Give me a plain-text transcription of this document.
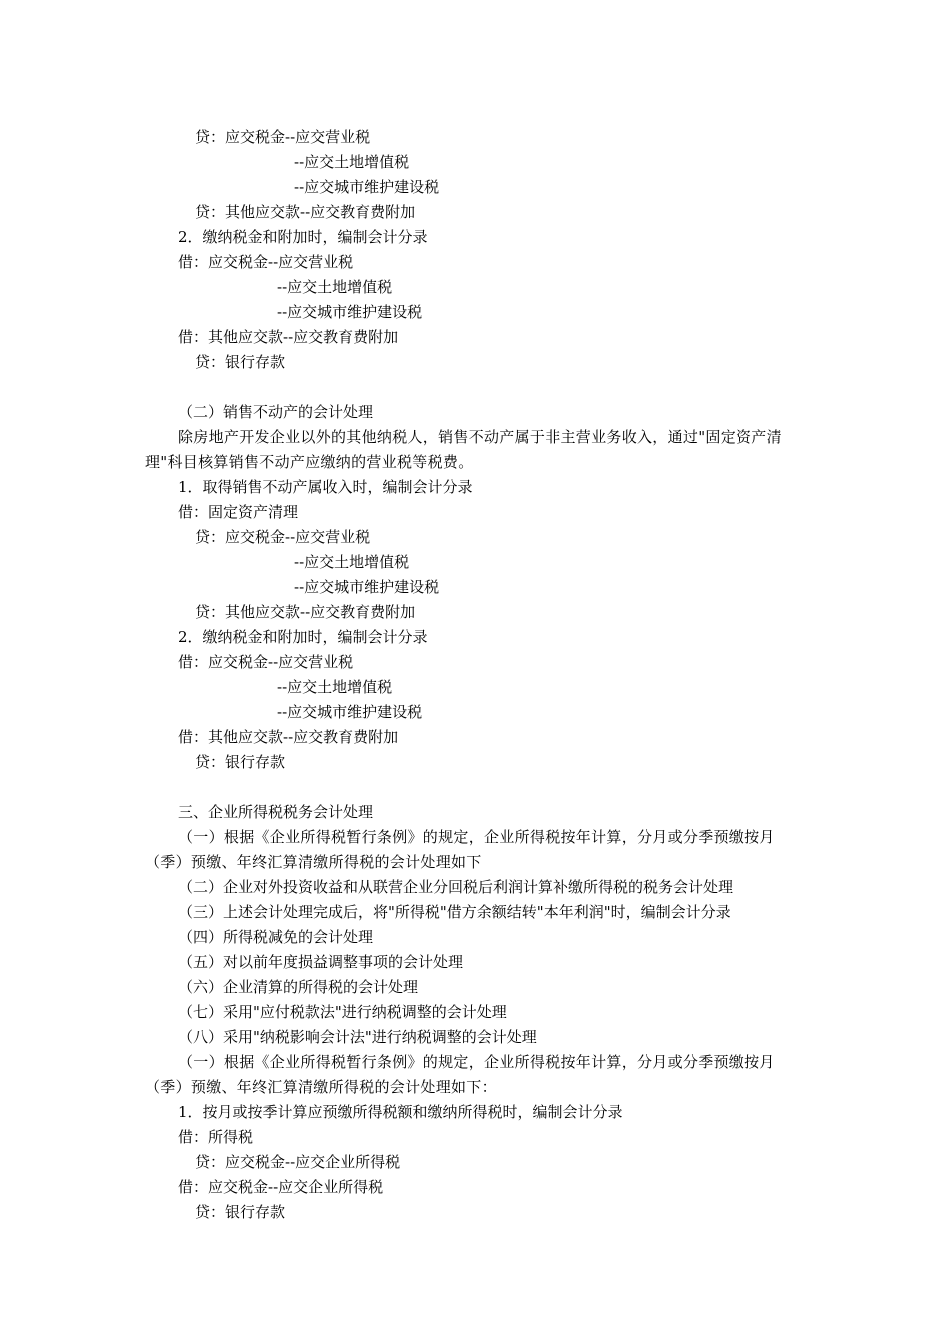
贷：应交税金--应交营业税
--应交土地增值税
--应交城市维护建设税
贷：其他应交款--应交教育费附加
2．缴纳税金和附加时，编制会计分录
借：应交税金--应交营业税
--应交土地增值税
--应交城市维护建设税
借：其他应交款--应交教育费附加
贷：银行存款
（二）销售不动产的会计处理
除房地产开发企业以外的其他纳税人，销售不动产属于非主营业务收入，通过"固定资产清理"科目核算销售不动产应缴纳的营业税等税费。
1．取得销售不动产属收入时，编制会计分录
借：固定资产清理
贷：应交税金--应交营业税
--应交土地增值税
--应交城市维护建设税
贷：其他应交款--应交教育费附加
2．缴纳税金和附加时，编制会计分录
借：应交税金--应交营业税
--应交土地增值税
--应交城市维护建设税
借：其他应交款--应交教育费附加
贷：银行存款
三、企业所得税税务会计处理
（一）根据《企业所得税暂行条例》的规定，企业所得税按年计算，分月或分季预缴按月（季）预缴、年终汇算清缴所得税的会计处理如下
（二）企业对外投资收益和从联营企业分回税后利润计算补缴所得税的税务会计处理
（三）上述会计处理完成后，将"所得税"借方余额结转"本年利润"时，编制会计分录
（四）所得税减免的会计处理
（五）对以前年度损益调整事项的会计处理
（六）企业清算的所得税的会计处理
（七）采用"应付税款法"进行纳税调整的会计处理
（八）采用"纳税影响会计法"进行纳税调整的会计处理
（一）根据《企业所得税暂行条例》的规定，企业所得税按年计算，分月或分季预缴按月（季）预缴、年终汇算清缴所得税的会计处理如下：
1．按月或按季计算应预缴所得税额和缴纳所得税时，编制会计分录
借：所得税
贷：应交税金--应交企业所得税
借：应交税金--应交企业所得税
贷：银行存款
